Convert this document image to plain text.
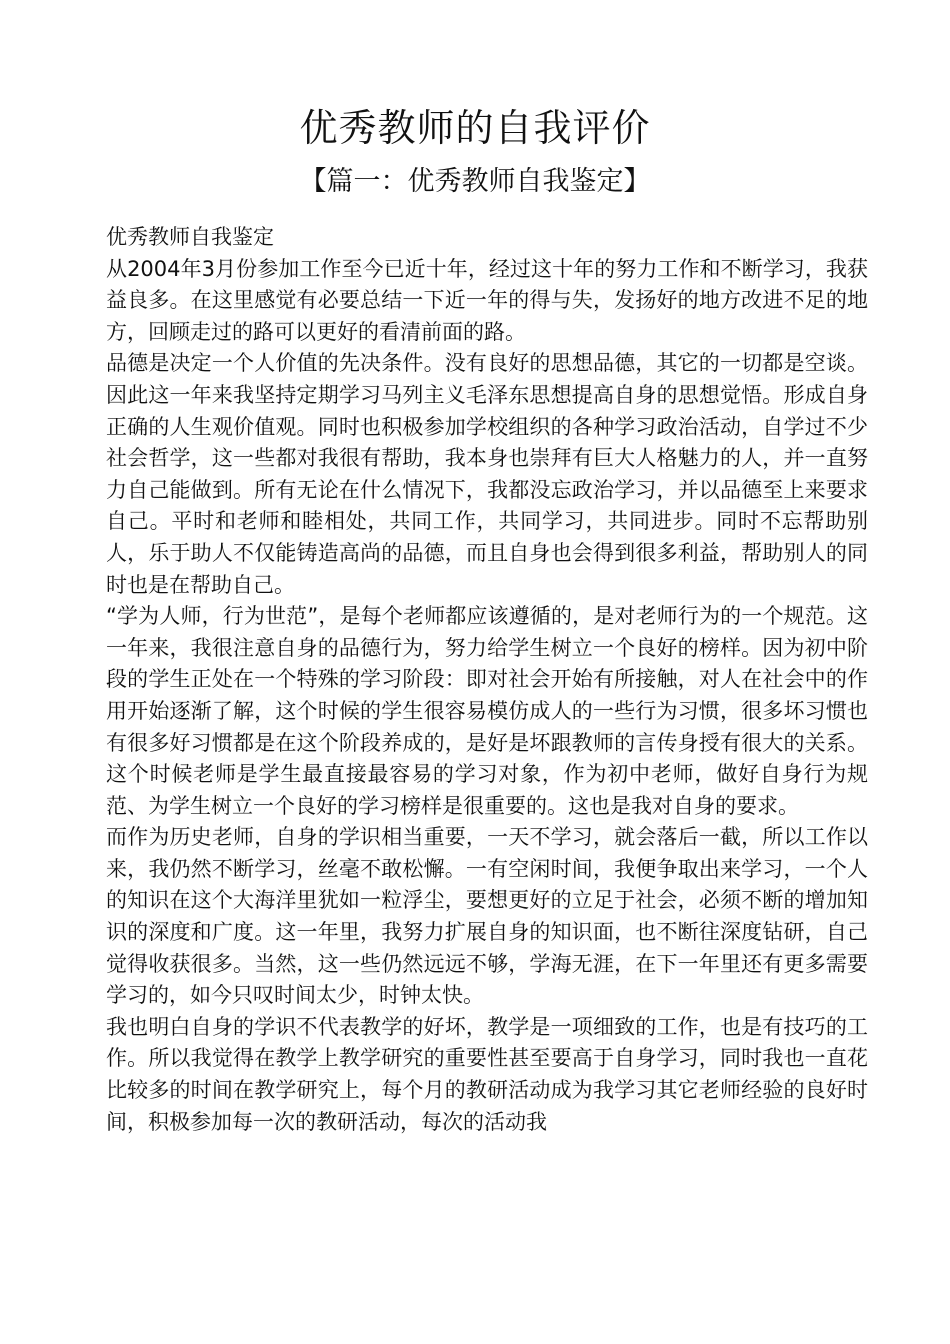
优秀教师的自我评价
【篇一：优秀教师自我鉴定】

优秀教师自我鉴定

从2004年3月份参加工作至今已近十年，经过这十年的努力工作和不断学习，我获益良多。在这里感觉有必要总结一下近一年的得与失，发扬好的地方改进不足的地方，回顾走过的路可以更好的看清前面的路。

品德是决定一个人价值的先决条件。没有良好的思想品德，其它的一切都是空谈。因此这一年来我坚持定期学习马列主义毛泽东思想提高自身的思想觉悟。形成自身正确的人生观价值观。同时也积极参加学校组织的各种学习政治活动，自学过不少社会哲学，这一些都对我很有帮助，我本身也崇拜有巨大人格魅力的人，并一直努力自己能做到。所有无论在什么情况下，我都没忘政治学习，并以品德至上来要求自己。平时和老师和睦相处，共同工作，共同学习，共同进步。同时不忘帮助别人，乐于助人不仅能铸造高尚的品德，而且自身也会得到很多利益，帮助别人的同时也是在帮助自己。

“学为人师，行为世范”，是每个老师都应该遵循的，是对老师行为的一个规范。这一年来，我很注意自身的品德行为，努力给学生树立一个良好的榜样。因为初中阶段的学生正处在一个特殊的学习阶段：即对社会开始有所接触，对人在社会中的作用开始逐渐了解，这个时候的学生很容易模仿成人的一些行为习惯，很多坏习惯也有很多好习惯都是在这个阶段养成的，是好是坏跟教师的言传身授有很大的关系。这个时候老师是学生最直接最容易的学习对象，作为初中老师，做好自身行为规范、为学生树立一个良好的学习榜样是很重要的。这也是我对自身的要求。

而作为历史老师，自身的学识相当重要，一天不学习，就会落后一截，所以工作以来，我仍然不断学习，丝毫不敢松懈。一有空闲时间，我便争取出来学习，一个人的知识在这个大海洋里犹如一粒浮尘，要想更好的立足于社会，必须不断的增加知识的深度和广度。这一年里，我努力扩展自身的知识面，也不断往深度钻研，自己觉得收获很多。当然，这一些仍然远远不够，学海无涯，在下一年里还有更多需要学习的，如今只叹时间太少，时钟太快。

我也明白自身的学识不代表教学的好坏，教学是一项细致的工作，也是有技巧的工作。所以我觉得在教学上教学研究的重要性甚至要高于自身学习，同时我也一直花比较多的时间在教学研究上，每个月的教研活动成为我学习其它老师经验的良好时间，积极参加每一次的教研活动，每次的活动我
